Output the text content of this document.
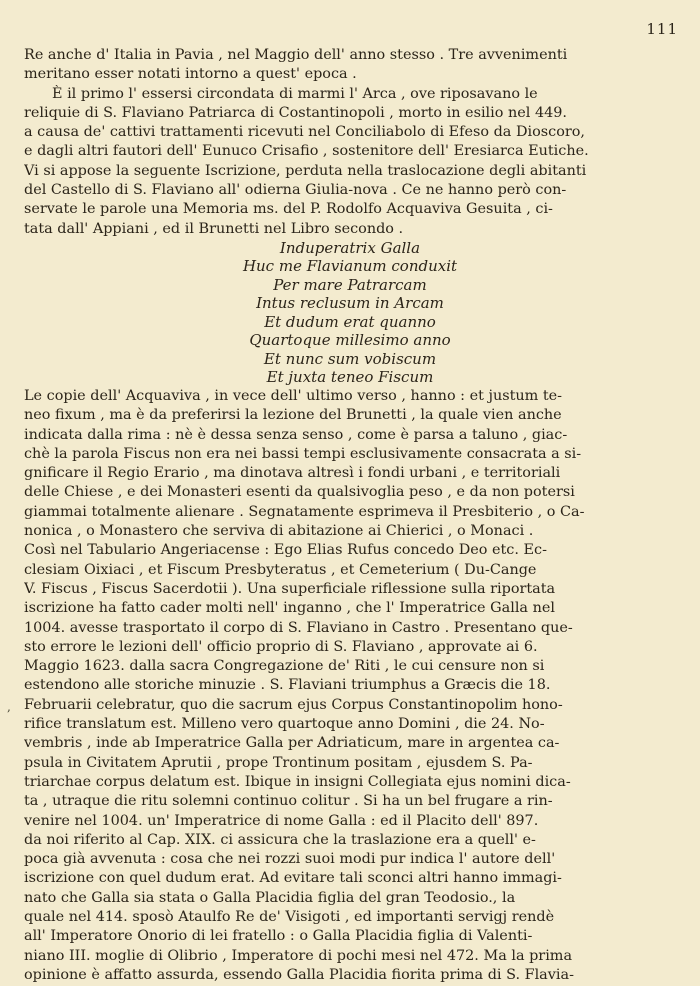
111
,
Re anche d' Italia in Pavia , nel Maggio dell' anno stesso . Tre avvenimenti
meritano esser notati intorno a quest' epoca .
È il primo l' essersi circondata di marmi l' Arca , ove riposavano le
reliquie di S. Flaviano Patriarca di Costantinopoli , morto in esilio nel 449.
a causa de' cattivi trattamenti ricevuti nel Conciliabolo di Efeso da Dioscoro,
e dagli altri fautori dell' Eunuco Crisafio , sostenitore dell' Eresiarca Eutiche.
Vi si appose la seguente Iscrizione, perduta nella traslocazione degli abitanti
del Castello di S. Flaviano all' odierna Giulia-nova . Ce ne hanno però con-
servate le parole una Memoria ms. del P. Rodolfo Acquaviva Gesuita , ci-
tata dall' Appiani , ed il Brunetti nel Libro secondo .
Induperatrix Galla
Huc me Flavianum conduxit
Per mare Patrarcam
Intus reclusum in Arcam
Et dudum erat quanno
Quartoque millesimo anno
Et nunc sum vobiscum
Et juxta teneo Fiscum
Le copie dell' Acquaviva , in vece dell' ultimo verso , hanno : et justum te-
neo fixum , ma è da preferirsi la lezione del Brunetti , la quale vien anche
indicata dalla rima : nè è dessa senza senso , come è parsa a taluno , giac-
chè la parola Fiscus non era nei bassi tempi esclusivamente consacrata a si-
gnificare il Regio Erario , ma dinotava altresì i fondi urbani , e territoriali
delle Chiese , e dei Monasteri esenti da qualsivoglia peso , e da non potersi
giammai totalmente alienare . Segnatamente esprimeva il Presbiterio , o Ca-
nonica , o Monastero che serviva di abitazione ai Chierici , o Monaci .
Così nel Tabulario Angeriacense : Ego Elias Rufus concedo Deo etc. Ec-
clesiam Oixiaci , et Fiscum Presbyteratus , et Cemeterium ( Du-Cange
V. Fiscus , Fiscus Sacerdotii ). Una superficiale riflessione sulla riportata
iscrizione ha fatto cader molti nell' inganno , che l' Imperatrice Galla nel
1004. avesse trasportato il corpo di S. Flaviano in Castro . Presentano que-
sto errore le lezioni dell' officio proprio di S. Flaviano , approvate ai 6.
Maggio 1623. dalla sacra Congregazione de' Riti , le cui censure non si
estendono alle storiche minuzie . S. Flaviani triumphus a Græcis die 18.
Februarii celebratur, quo die sacrum ejus Corpus Constantinopolim hono-
rifice translatum est. Milleno vero quartoque anno Domini , die 24. No-
vembris , inde ab Imperatrice Galla per Adriaticum, mare in argentea ca-
psula in Civitatem Aprutii , prope Trontinum positam , ejusdem S. Pa-
triarchae corpus delatum est. Ibique in insigni Collegiata ejus nomini dica-
ta , utraque die ritu solemni continuo colitur . Si ha un bel frugare a rin-
venire nel 1004. un' Imperatrice di nome Galla : ed il Placito dell' 897.
da noi riferito al Cap. XIX. ci assicura che la traslazione era a quell' e-
poca già avvenuta : cosa che nei rozzi suoi modi pur indica l' autore dell'
iscrizione con quel dudum erat. Ad evitare tali sconci altri hanno immagi-
nato che Galla sia stata o Galla Placidia figlia del gran Teodosio., la
quale nel 414. sposò Ataulfo Re de' Visigoti , ed importanti servigj rendè
all' Imperatore Onorio di lei fratello : o Galla Placidia figlia di Valenti-
niano III. moglie di Olibrio , Imperatore di pochi mesi nel 472. Ma la prima
opinione è affatto assurda, essendo Galla Placidia fiorita prima di S. Flavia-
